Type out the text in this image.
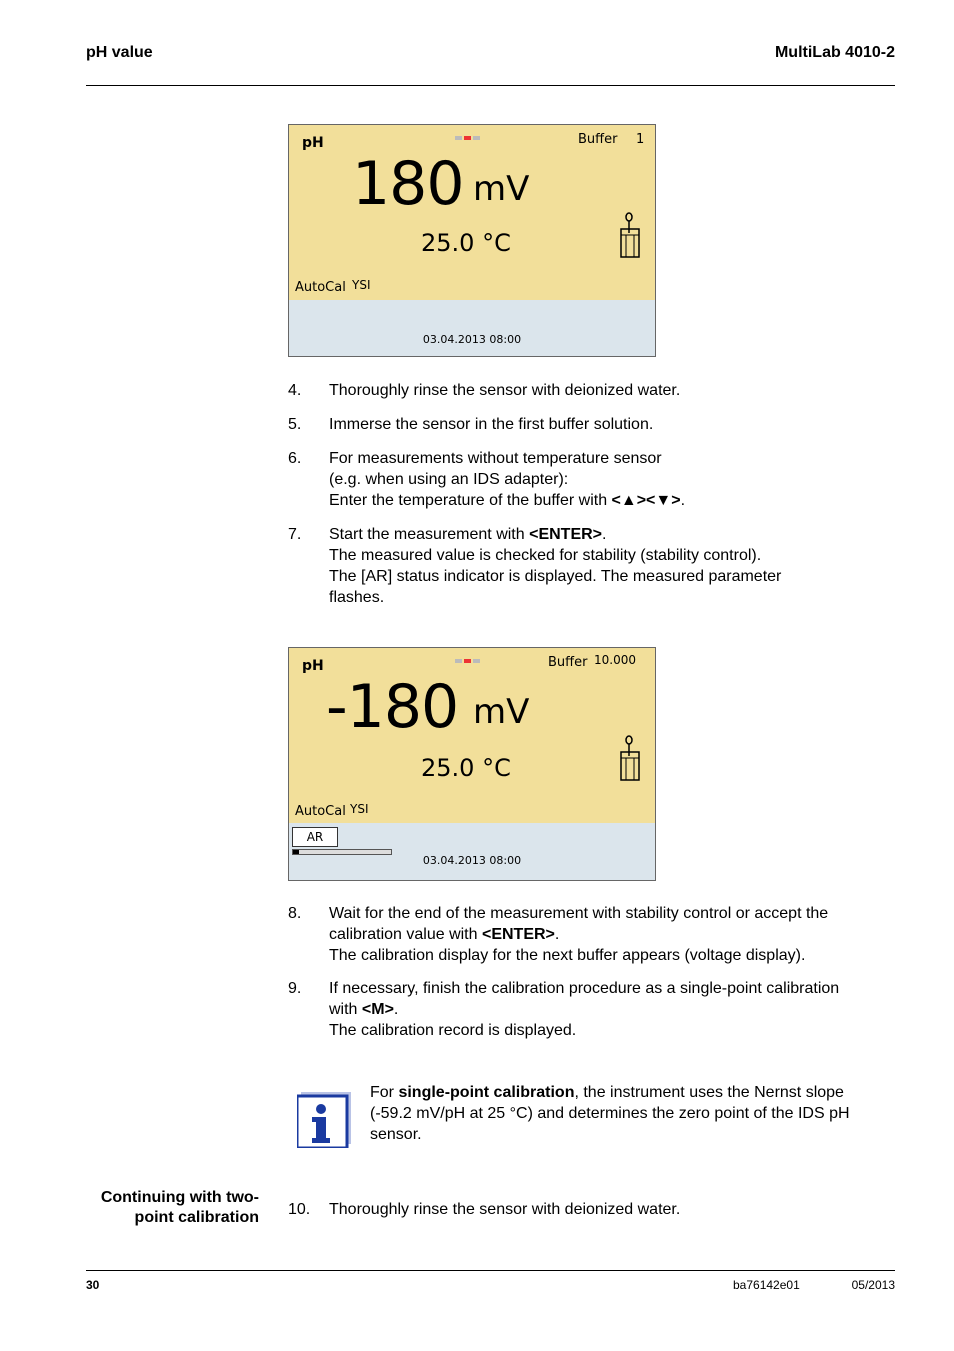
pH value	MultiLab 4010-2
pH	Buffer 1
180 mV
25.0 °C
AutoCal YSI
03.04.2013 08:00
4. Thoroughly rinse the sensor with deionized water.
5. Immerse the sensor in the first buffer solution.
6. For measurements without temperature sensor
(e.g. when using an IDS adapter):
Enter the temperature of the buffer with <▲><▼>.
7. Start the measurement with <ENTER>.
The measured value is checked for stability (stability control).
The [AR] status indicator is displayed. The measured parameter
flashes.
pH	Buffer 10.000
-180 mV
25.0 °C
AutoCal YSI
AR
03.04.2013 08:00
8. Wait for the end of the measurement with stability control or accept the
calibration value with <ENTER>.
The calibration display for the next buffer appears (voltage display).
9. If necessary, finish the calibration procedure as a single-point calibration
with <M>.
The calibration record is displayed.
For single-point calibration, the instrument uses the Nernst slope
(-59.2 mV/pH at 25 °C) and determines the zero point of the IDS pH
sensor.
Continuing with two-
point calibration 10. Thoroughly rinse the sensor with deionized water.
30	ba76142e01	05/2013
